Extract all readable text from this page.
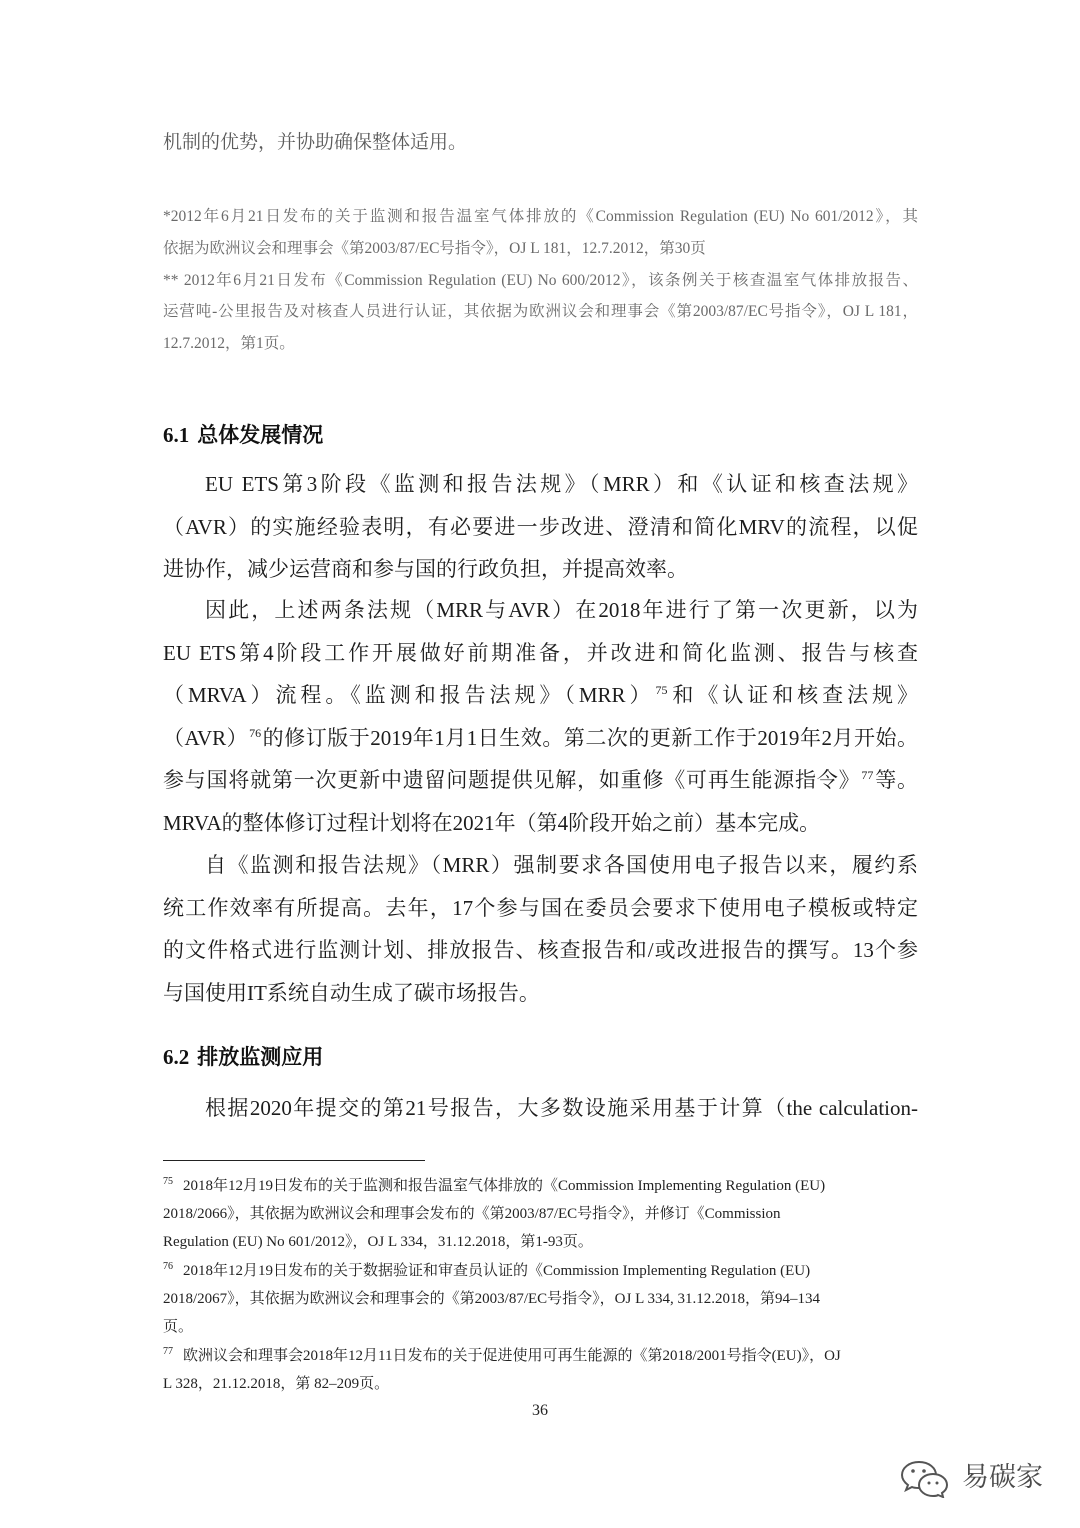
机制的优势，并协助确保整体适用。
*2012年6月21日发布的关于监测和报告温室气体排放的《Commission Regulation (EU) No 601/2012》，其
依据为欧洲议会和理事会《第2003/87/EC号指令》，OJ L 181，12.7.2012，第30页
** 2012年6月21日发布《Commission Regulation (EU) No 600/2012》，该条例关于核查温室气体排放报告、
运营吨-公里报告及对核查人员进行认证，其依据为欧洲议会和理事会《第2003/87/EC号指令》，OJ L 181，
12.7.2012，第1页。
6.1 总体发展情况
EU ETS第3阶段《监测和报告法规》（MRR）和《认证和核查法规》
（AVR）的实施经验表明，有必要进一步改进、澄清和简化MRV的流程，以促
进协作，减少运营商和参与国的行政负担，并提高效率。
因此，上述两条法规（MRR与AVR）在2018年进行了第一次更新，以为
EU ETS第4阶段工作开展做好前期准备，并改进和简化监测、报告与核查
（MRVA）流程。《监测和报告法规》（MRR）$^{75}$和《认证和核查法规》
（AVR）$^{76}$的修订版于2019年1月1日生效。第二次的更新工作于2019年2月开始。
参与国将就第一次更新中遗留问题提供见解，如重修《可再生能源指令》$^{77}$等。
MRVA的整体修订过程计划将在2021年（第4阶段开始之前）基本完成。
自《监测和报告法规》（MRR）强制要求各国使用电子报告以来，履约系
统工作效率有所提高。去年，17个参与国在委员会要求下使用电子模板或特定
的文件格式进行监测计划、排放报告、核查报告和/或改进报告的撰写。13个参
与国使用IT系统自动生成了碳市场报告。
6.2 排放监测应用
根据2020年提交的第21号报告，大多数设施采用基于计算（the calculation-
$^{75}$ 2018年12月19日发布的关于监测和报告温室气体排放的《Commission Implementing Regulation (EU)
2018/2066》，其依据为欧洲议会和理事会发布的《第2003/87/EC号指令》，并修订《Commission
Regulation (EU) No 601/2012》，OJ L 334，31.12.2018，第1-93页。
$^{76}$ 2018年12月19日发布的关于数据验证和审查员认证的《Commission Implementing Regulation (EU)
2018/2067》，其依据为欧洲议会和理事会的《第2003/87/EC号指令》，OJ L 334, 31.12.2018，第94–134
页。
$^{77}$ 欧洲议会和理事会2018年12月11日发布的关于促进使用可再生能源的《第2018/2001号指令(EU)》，OJ
L 328，21.12.2018，第 82–209页。
36
易碳家
